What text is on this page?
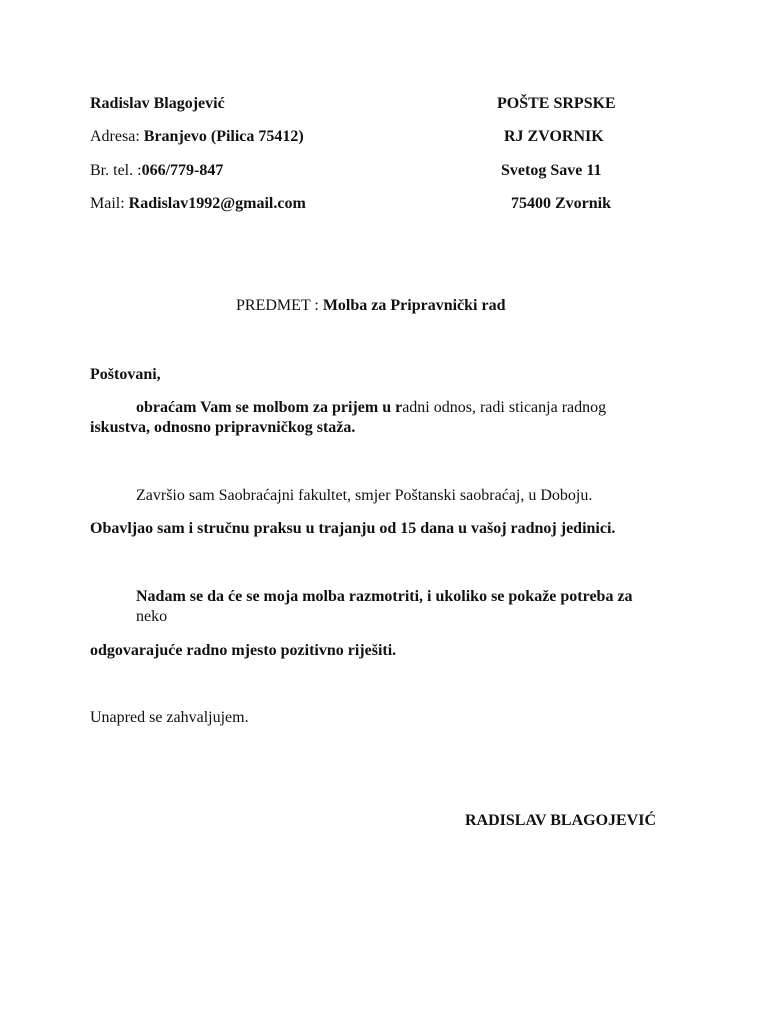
Radislav Blagojević
Adresa: Branjevo (Pilica 75412)
Br. tel. :066/779-847
Mail: Radislav1992@gmail.com
POŠTE SRPSKE
RJ ZVORNIK
Svetog Save 11
75400 Zvornik
PREDMET : Molba za Pripravnički rad
Poštovani,
obraćam Vam se molbom za prijem u radni odnos, radi sticanja radnog
iskustva, odnosno pripravničkog staža.
Završio sam Saobraćajni fakultet, smjer Poštanski saobraćaj, u Doboju.
Obavljao sam i stručnu praksu u trajanju od 15 dana u vašoj radnoj jedinici.
Nadam se da će se moja molba razmotriti, i ukoliko se pokaže potreba za
neko
odgovarajuće radno mjesto pozitivno riješiti.
Unapred se zahvaljujem.
RADISLAV BLAGOJEVIĆ
